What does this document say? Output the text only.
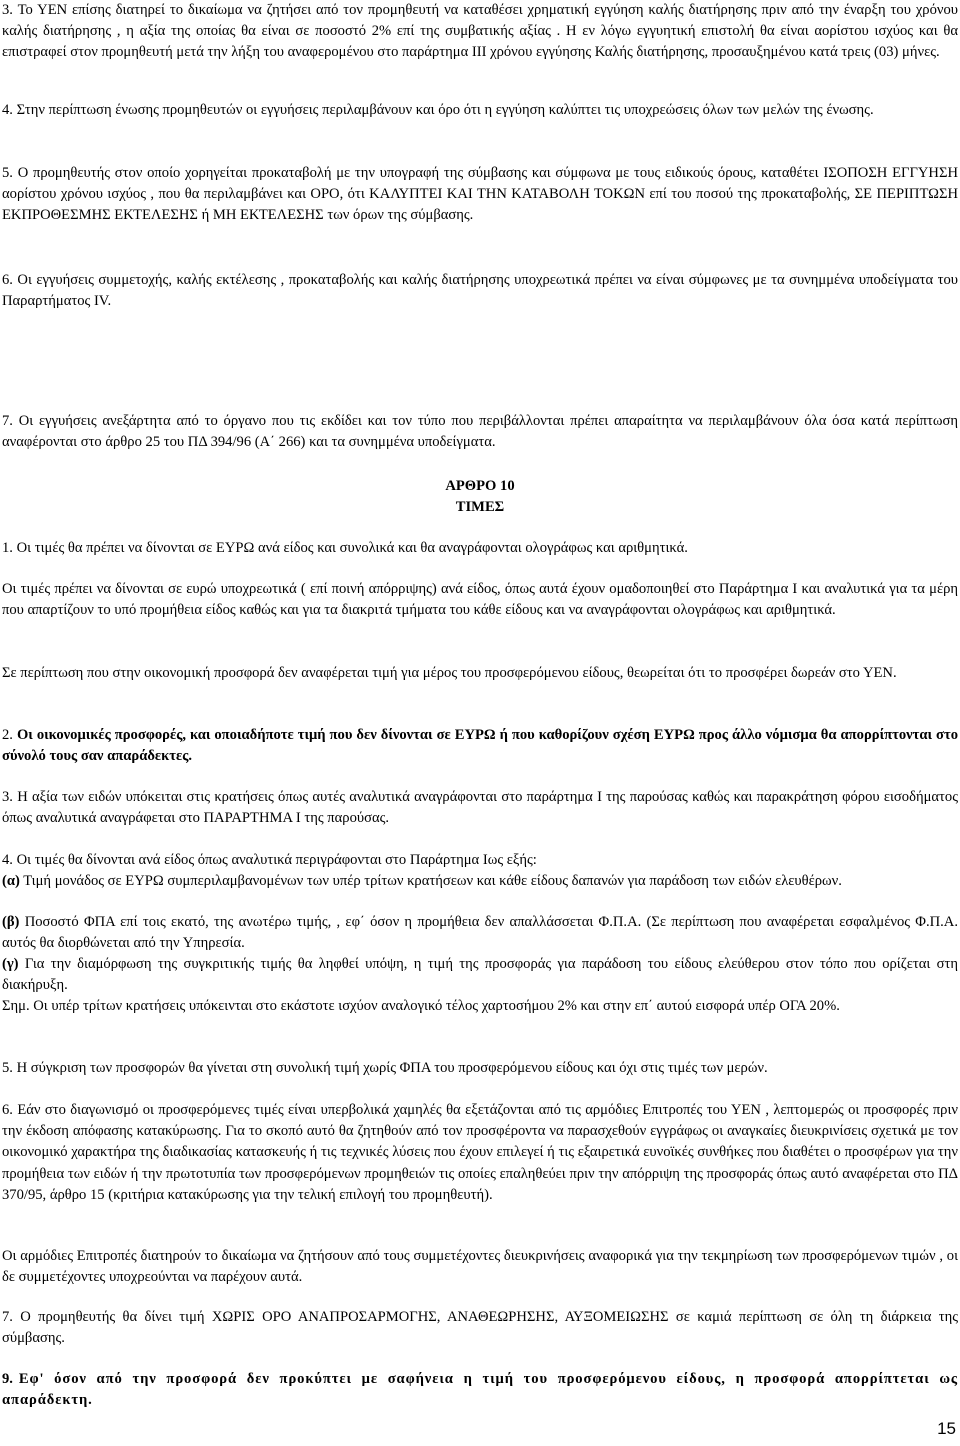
3. Το ΥΕΝ επίσης διατηρεί το δικαίωμα να ζητήσει από τον προμηθευτή να καταθέσει χρηματική εγγύηση καλής διατήρησης πριν από την έναρξη του χρόνου καλής διατήρησης , η αξία της οποίας θα είναι σε ποσοστό 2% επί της συμβατικής αξίας . Η εν λόγω εγγυητική επιστολή θα είναι αορίστου ισχύος και θα επιστραφεί στον προμηθευτή μετά την λήξη του αναφερομένου στο παράρτημα ΙΙΙ χρόνου εγγύησης Καλής διατήρησης, προσαυξημένου κατά τρεις (03) μήνες.

4. Στην περίπτωση ένωσης προμηθευτών οι εγγυήσεις περιλαμβάνουν και όρο ότι η εγγύηση καλύπτει τις υποχρεώσεις όλων των μελών της ένωσης.

5. Ο προμηθευτής στον οποίο χορηγείται προκαταβολή με την υπογραφή της σύμβασης και σύμφωνα με τους ειδικούς όρους, καταθέτει ΙΣΟΠΟΣΗ ΕΓΓΥΗΣΗ αορίστου χρόνου ισχύος , που θα περιλαμβάνει και ΟΡΟ, ότι ΚΑΛΥΠΤΕΙ ΚΑΙ ΤΗΝ ΚΑΤΑΒΟΛΗ ΤΟΚΩΝ επί του ποσού της προκαταβολής, ΣΕ ΠΕΡΙΠΤΩΣΗ ΕΚΠΡΟΘΕΣΜΗΣ ΕΚΤΕΛΕΣΗΣ ή ΜΗ ΕΚΤΕΛΕΣΗΣ των όρων της σύμβασης.

6. Οι εγγυήσεις συμμετοχής, καλής εκτέλεσης , προκαταβολής και καλής διατήρησης υποχρεωτικά πρέπει να είναι σύμφωνες με τα συνημμένα υποδείγματα του Παραρτήματος IV.

7. Οι εγγυήσεις ανεξάρτητα από το όργανο που τις εκδίδει και τον τύπο που περιβάλλονται πρέπει απαραίτητα να περιλαμβάνουν όλα όσα κατά περίπτωση αναφέρονται στο άρθρο 25 του ΠΔ 394/96 (Α΄ 266) και τα συνημμένα υποδείγματα.

ΑΡΘΡΟ 10

ΤΙΜΕΣ

1. Οι τιμές θα πρέπει να δίνονται σε ΕΥΡΩ ανά είδος και συνολικά και θα αναγράφονται ολογράφως και αριθμητικά.

Οι τιμές πρέπει να δίνονται σε ευρώ υποχρεωτικά ( επί ποινή απόρριψης) ανά είδος, όπως αυτά έχουν ομαδοποιηθεί στο Παράρτημα Ι και αναλυτικά για τα μέρη που απαρτίζουν το υπό προμήθεια είδος καθώς και για τα διακριτά τμήματα του κάθε είδους και να αναγράφονται ολογράφως και αριθμητικά.

Σε περίπτωση που στην οικονομική προσφορά δεν αναφέρεται τιμή για μέρος του προσφερόμενου είδους, θεωρείται ότι το προσφέρει δωρεάν στο ΥΕΝ.

2. Οι οικονομικές προσφορές, και οποιαδήποτε τιμή που δεν δίνονται σε ΕΥΡΩ ή που καθορίζουν σχέση ΕΥΡΩ προς άλλο νόμισμα θα απορρίπτονται στο σύνολό τους σαν απαράδεκτες.

3. Η αξία των ειδών υπόκειται στις κρατήσεις όπως αυτές αναλυτικά αναγράφονται στο παράρτημα Ι της παρούσας καθώς και παρακράτηση φόρου εισοδήματος όπως αναλυτικά αναγράφεται στο ΠΑΡΑΡΤΗΜΑ Ι της παρούσας.

4. Οι τιμές θα δίνονται ανά είδος όπως αναλυτικά περιγράφονται στο Παράρτημα Ιως εξής:

(α) Τιμή μονάδος σε ΕΥΡΩ συμπεριλαμβανομένων των υπέρ τρίτων κρατήσεων και κάθε είδους δαπανών για παράδοση των ειδών ελευθέρων.

(β) Ποσοστό ΦΠΑ επί τοις εκατό, της ανωτέρω τιμής, , εφ΄ όσον η προμήθεια δεν απαλλάσσεται Φ.Π.Α. (Σε περίπτωση που αναφέρεται εσφαλμένος Φ.Π.Α. αυτός θα διορθώνεται από την Υπηρεσία.

(γ) Για την διαμόρφωση της συγκριτικής τιμής θα ληφθεί υπόψη, η τιμή της προσφοράς για παράδοση του είδους ελεύθερου στον τόπο που ορίζεται στη διακήρυξη.

Σημ. Οι υπέρ τρίτων κρατήσεις υπόκεινται στο εκάστοτε ισχύον αναλογικό τέλος χαρτοσήμου 2% και στην επ΄ αυτού εισφορά υπέρ ΟΓΑ 20%.

5. Η σύγκριση των προσφορών θα γίνεται στη συνολική τιμή χωρίς ΦΠΑ του προσφερόμενου είδους και όχι στις τιμές των μερών.

6. Εάν στο διαγωνισμό οι προσφερόμενες τιμές είναι υπερβολικά χαμηλές θα εξετάζονται από τις αρμόδιες Επιτροπές του ΥΕΝ , λεπτομερώς οι προσφορές πριν την έκδοση απόφασης κατακύρωσης. Για το σκοπό αυτό θα ζητηθούν από τον προσφέροντα να παρασχεθούν εγγράφως οι αναγκαίες διευκρινίσεις σχετικά με τον οικονομικό χαρακτήρα της διαδικασίας κατασκευής ή τις τεχνικές λύσεις που έχουν επιλεγεί ή τις εξαιρετικά ευνοϊκές συνθήκες που διαθέτει ο προσφέρων για την προμήθεια των ειδών ή την πρωτοτυπία των προσφερόμενων προμηθειών τις οποίες επαληθεύει πριν την απόρριψη της προσφοράς όπως αυτό αναφέρεται στο ΠΔ 370/95, άρθρο 15 (κριτήρια κατακύρωσης για την τελική επιλογή του προμηθευτή).

Οι αρμόδιες Επιτροπές διατηρούν το δικαίωμα να ζητήσουν από τους συμμετέχοντες διευκρινήσεις αναφορικά για την τεκμηρίωση των προσφερόμενων τιμών , οι δε συμμετέχοντες υποχρεούνται να παρέχουν αυτά.

7. Ο προμηθευτής θα δίνει τιμή ΧΩΡΙΣ ΟΡΟ ΑΝΑΠΡΟΣΑΡΜΟΓΗΣ, ΑΝΑΘΕΩΡΗΣΗΣ, ΑΥΞΟΜΕΙΩΣΗΣ σε καμιά περίπτωση σε όλη τη διάρκεια της σύμβασης.

9. Εφ' όσον από την προσφορά δεν προκύπτει με σαφήνεια η τιμή του προσφερόμενου είδους, η προσφορά απορρίπτεται ως απαράδεκτη.

15
